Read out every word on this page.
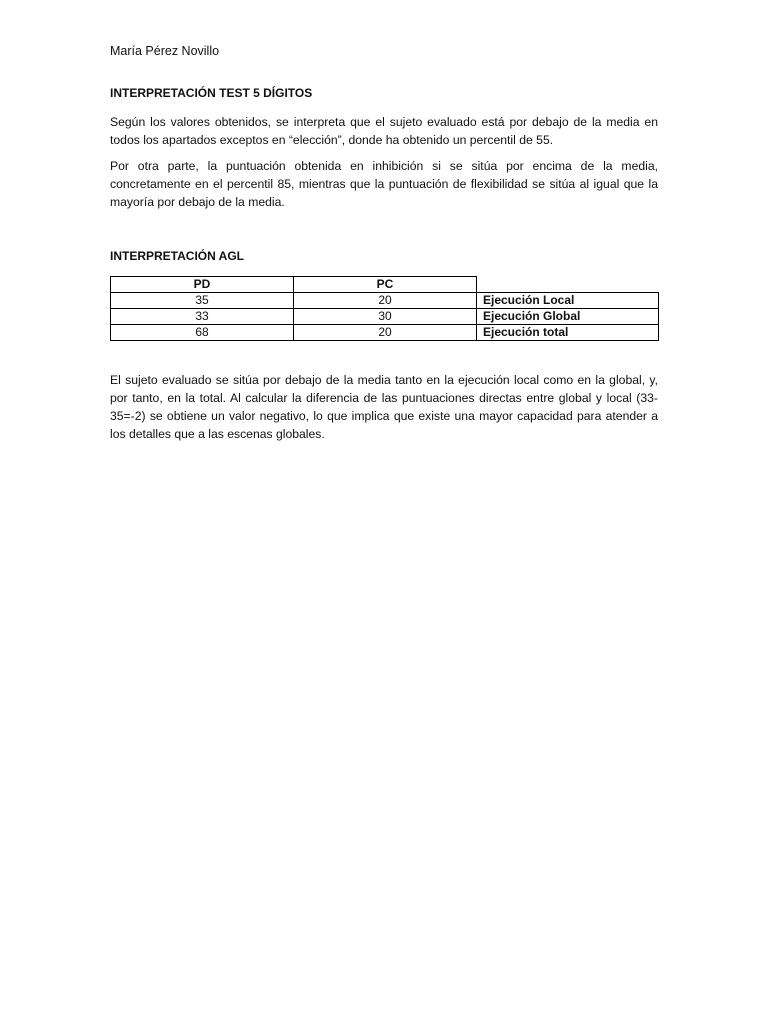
María Pérez Novillo
INTERPRETACIÓN TEST 5 DÍGITOS
Según los valores obtenidos, se interpreta que el sujeto evaluado está por debajo de la media en todos los apartados exceptos en “elección”, donde ha obtenido un percentil de 55.
Por otra parte, la puntuación obtenida en inhibición si se sitúa por encima de la media, concretamente en el percentil 85, mientras que la puntuación de flexibilidad se sitúa al igual que la mayoría por debajo de la media.
INTERPRETACIÓN AGL
PD	PC	
35	20	Ejecución Local
33	30	Ejecución Global
68	20	Ejecución total
El sujeto evaluado se sitúa por debajo de la media tanto en la ejecución local como en la global, y, por tanto, en la total. Al calcular la diferencia de las puntuaciones directas entre global y local (33-35=-2) se obtiene un valor negativo, lo que implica que existe una mayor capacidad para atender a los detalles que a las escenas globales.
